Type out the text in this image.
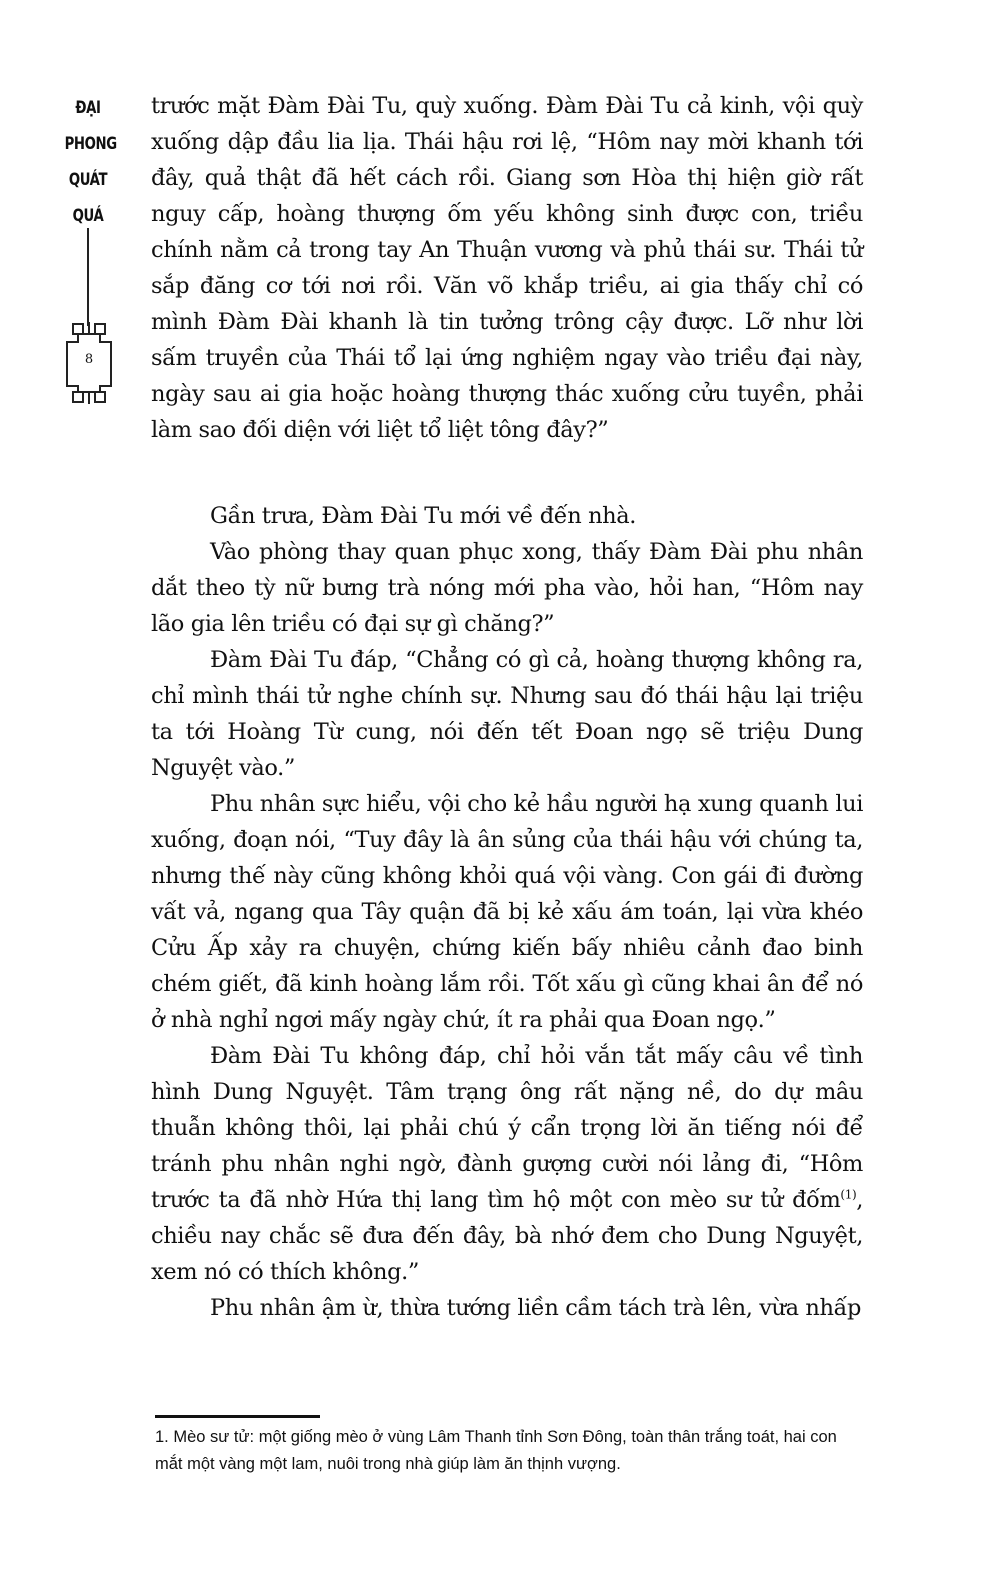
ĐẠI
PHONG
QUÁT
QUÁ
8

trước mặt Đàm Đài Tu, quỳ xuống. Đàm Đài Tu cả kinh, vội quỳ xuống dập đầu lia lịa. Thái hậu rơi lệ, “Hôm nay mời khanh tới đây, quả thật đã hết cách rồi. Giang sơn Hòa thị hiện giờ rất nguy cấp, hoàng thượng ốm yếu không sinh được con, triều chính nằm cả trong tay An Thuận vương và phủ thái sư. Thái tử sắp đăng cơ tới nơi rồi. Văn võ khắp triều, ai gia thấy chỉ có mình Đàm Đài khanh là tin tưởng trông cậy được. Lỡ như lời sấm truyền của Thái tổ lại ứng nghiệm ngay vào triều đại này, ngày sau ai gia hoặc hoàng thượng thác xuống cửu tuyền, phải làm sao đối diện với liệt tổ liệt tông đây?”

Gần trưa, Đàm Đài Tu mới về đến nhà.

Vào phòng thay quan phục xong, thấy Đàm Đài phu nhân dắt theo tỳ nữ bưng trà nóng mới pha vào, hỏi han, “Hôm nay lão gia lên triều có đại sự gì chăng?”

Đàm Đài Tu đáp, “Chẳng có gì cả, hoàng thượng không ra, chỉ mình thái tử nghe chính sự. Nhưng sau đó thái hậu lại triệu ta tới Hoàng Từ cung, nói đến tết Đoan ngọ sẽ triệu Dung Nguyệt vào.”

Phu nhân sực hiểu, vội cho kẻ hầu người hạ xung quanh lui xuống, đoạn nói, “Tuy đây là ân sủng của thái hậu với chúng ta, nhưng thế này cũng không khỏi quá vội vàng. Con gái đi đường vất vả, ngang qua Tây quận đã bị kẻ xấu ám toán, lại vừa khéo Cửu Ấp xảy ra chuyện, chứng kiến bấy nhiêu cảnh đao binh chém giết, đã kinh hoàng lắm rồi. Tốt xấu gì cũng khai ân để nó ở nhà nghỉ ngơi mấy ngày chứ, ít ra phải qua Đoan ngọ.”

Đàm Đài Tu không đáp, chỉ hỏi vắn tắt mấy câu về tình hình Dung Nguyệt. Tâm trạng ông rất nặng nề, do dự mâu thuẫn không thôi, lại phải chú ý cẩn trọng lời ăn tiếng nói để tránh phu nhân nghi ngờ, đành gượng cười nói lảng đi, “Hôm trước ta đã nhờ Hứa thị lang tìm hộ một con mèo sư tử đốm$^{(1)}$, chiều nay chắc sẽ đưa đến đây, bà nhớ đem cho Dung Nguyệt, xem nó có thích không.”

Phu nhân ậm ừ, thừa tướng liền cầm tách trà lên, vừa nhấp

1. Mèo sư tử: một giống mèo ở vùng Lâm Thanh tỉnh Sơn Đông, toàn thân trắng toát, hai con mắt một vàng một lam, nuôi trong nhà giúp làm ăn thịnh vượng.
